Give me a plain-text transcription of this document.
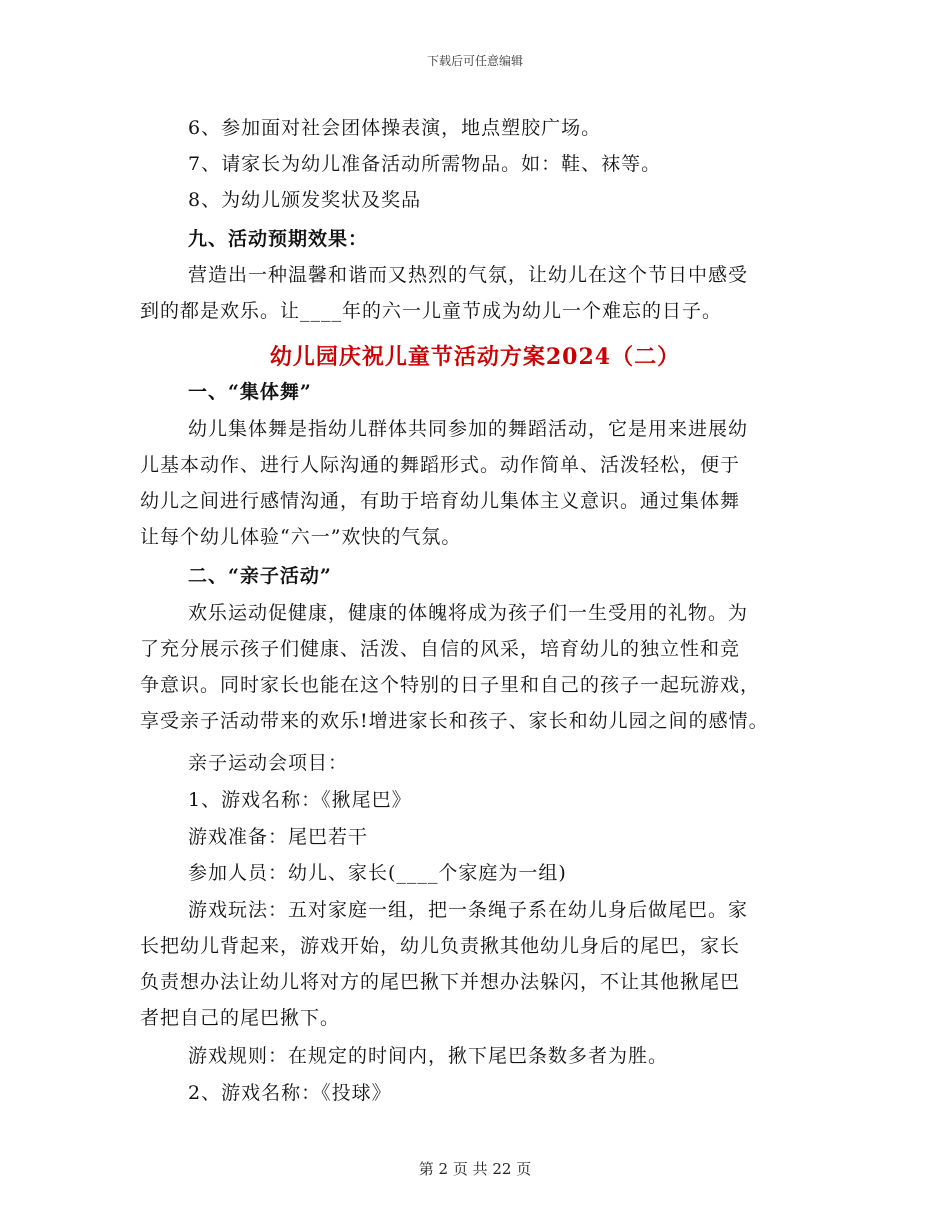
下载后可任意编辑
6、参加面对社会团体操表演，地点塑胶广场。
7、请家长为幼儿准备活动所需物品。如：鞋、袜等。
8、为幼儿颁发奖状及奖品
九、活动预期效果：
营造出一种温馨和谐而又热烈的气氛，让幼儿在这个节日中感受
到的都是欢乐。让____年的六一儿童节成为幼儿一个难忘的日子。
幼儿园庆祝儿童节活动方案2024（二）
一、“集体舞”
幼儿集体舞是指幼儿群体共同参加的舞蹈活动，它是用来进展幼
儿基本动作、进行人际沟通的舞蹈形式。动作简单、活泼轻松，便于
幼儿之间进行感情沟通，有助于培育幼儿集体主义意识。通过集体舞
让每个幼儿体验“六一”欢快的气氛。
二、“亲子活动”
欢乐运动促健康，健康的体魄将成为孩子们一生受用的礼物。为
了充分展示孩子们健康、活泼、自信的风采，培育幼儿的独立性和竞
争意识。同时家长也能在这个特别的日子里和自己的孩子一起玩游戏，
享受亲子活动带来的欢乐!增进家长和孩子、家长和幼儿园之间的感情。
亲子运动会项目：
1、游戏名称：《揪尾巴》
游戏准备：尾巴若干
参加人员：幼儿、家长(____个家庭为一组)
游戏玩法：五对家庭一组，把一条绳子系在幼儿身后做尾巴。家
长把幼儿背起来，游戏开始，幼儿负责揪其他幼儿身后的尾巴，家长
负责想办法让幼儿将对方的尾巴揪下并想办法躲闪，不让其他揪尾巴
者把自己的尾巴揪下。
游戏规则：在规定的时间内，揪下尾巴条数多者为胜。
2、游戏名称：《投球》
第 2 页 共 22 页
